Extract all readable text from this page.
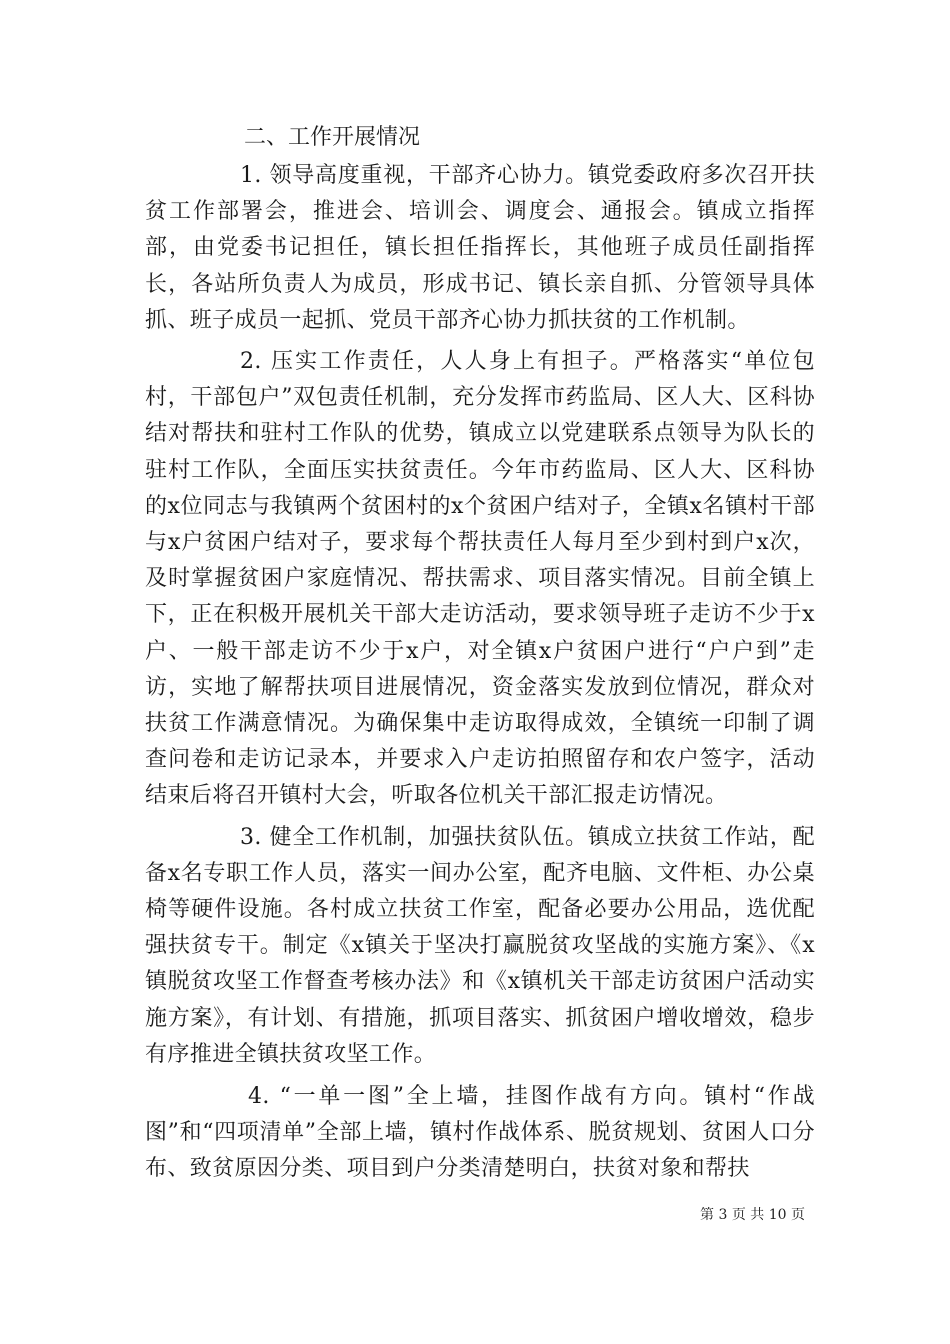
二、工作开展情况

1. 领导高度重视，干部齐心协力。镇党委政府多次召开扶贫工作部署会，推进会、培训会、调度会、通报会。镇成立指挥部，由党委书记担任，镇长担任指挥长，其他班子成员任副指挥长，各站所负责人为成员，形成书记、镇长亲自抓、分管领导具体抓、班子成员一起抓、党员干部齐心协力抓扶贫的工作机制。

2. 压实工作责任，人人身上有担子。严格落实“单位包村，干部包户”双包责任机制，充分发挥市药监局、区人大、区科协结对帮扶和驻村工作队的优势，镇成立以党建联系点领导为队长的驻村工作队，全面压实扶贫责任。今年市药监局、区人大、区科协的x位同志与我镇两个贫困村的x个贫困户结对子，全镇x名镇村干部与x户贫困户结对子，要求每个帮扶责任人每月至少到村到户x次，及时掌握贫困户家庭情况、帮扶需求、项目落实情况。目前全镇上下，正在积极开展机关干部大走访活动，要求领导班子走访不少于x户、一般干部走访不少于x户，对全镇x户贫困户进行“户户到”走访，实地了解帮扶项目进展情况，资金落实发放到位情况，群众对扶贫工作满意情况。为确保集中走访取得成效，全镇统一印制了调查问卷和走访记录本，并要求入户走访拍照留存和农户签字，活动结束后将召开镇村大会，听取各位机关干部汇报走访情况。

3. 健全工作机制，加强扶贫队伍。镇成立扶贫工作站，配备x名专职工作人员，落实一间办公室，配齐电脑、文件柜、办公桌椅等硬件设施。各村成立扶贫工作室，配备必要办公用品，选优配强扶贫专干。制定《x镇关于坚决打赢脱贫攻坚战的实施方案》、《x镇脱贫攻坚工作督查考核办法》和《x镇机关干部走访贫困户活动实施方案》，有计划、有措施，抓项目落实、抓贫困户增收增效，稳步有序推进全镇扶贫攻坚工作。

4. “一单一图”全上墙，挂图作战有方向。镇村“作战图”和“四项清单”全部上墙，镇村作战体系、脱贫规划、贫困人口分布、致贫原因分类、项目到户分类清楚明白，扶贫对象和帮扶

第 3 页 共 10 页
